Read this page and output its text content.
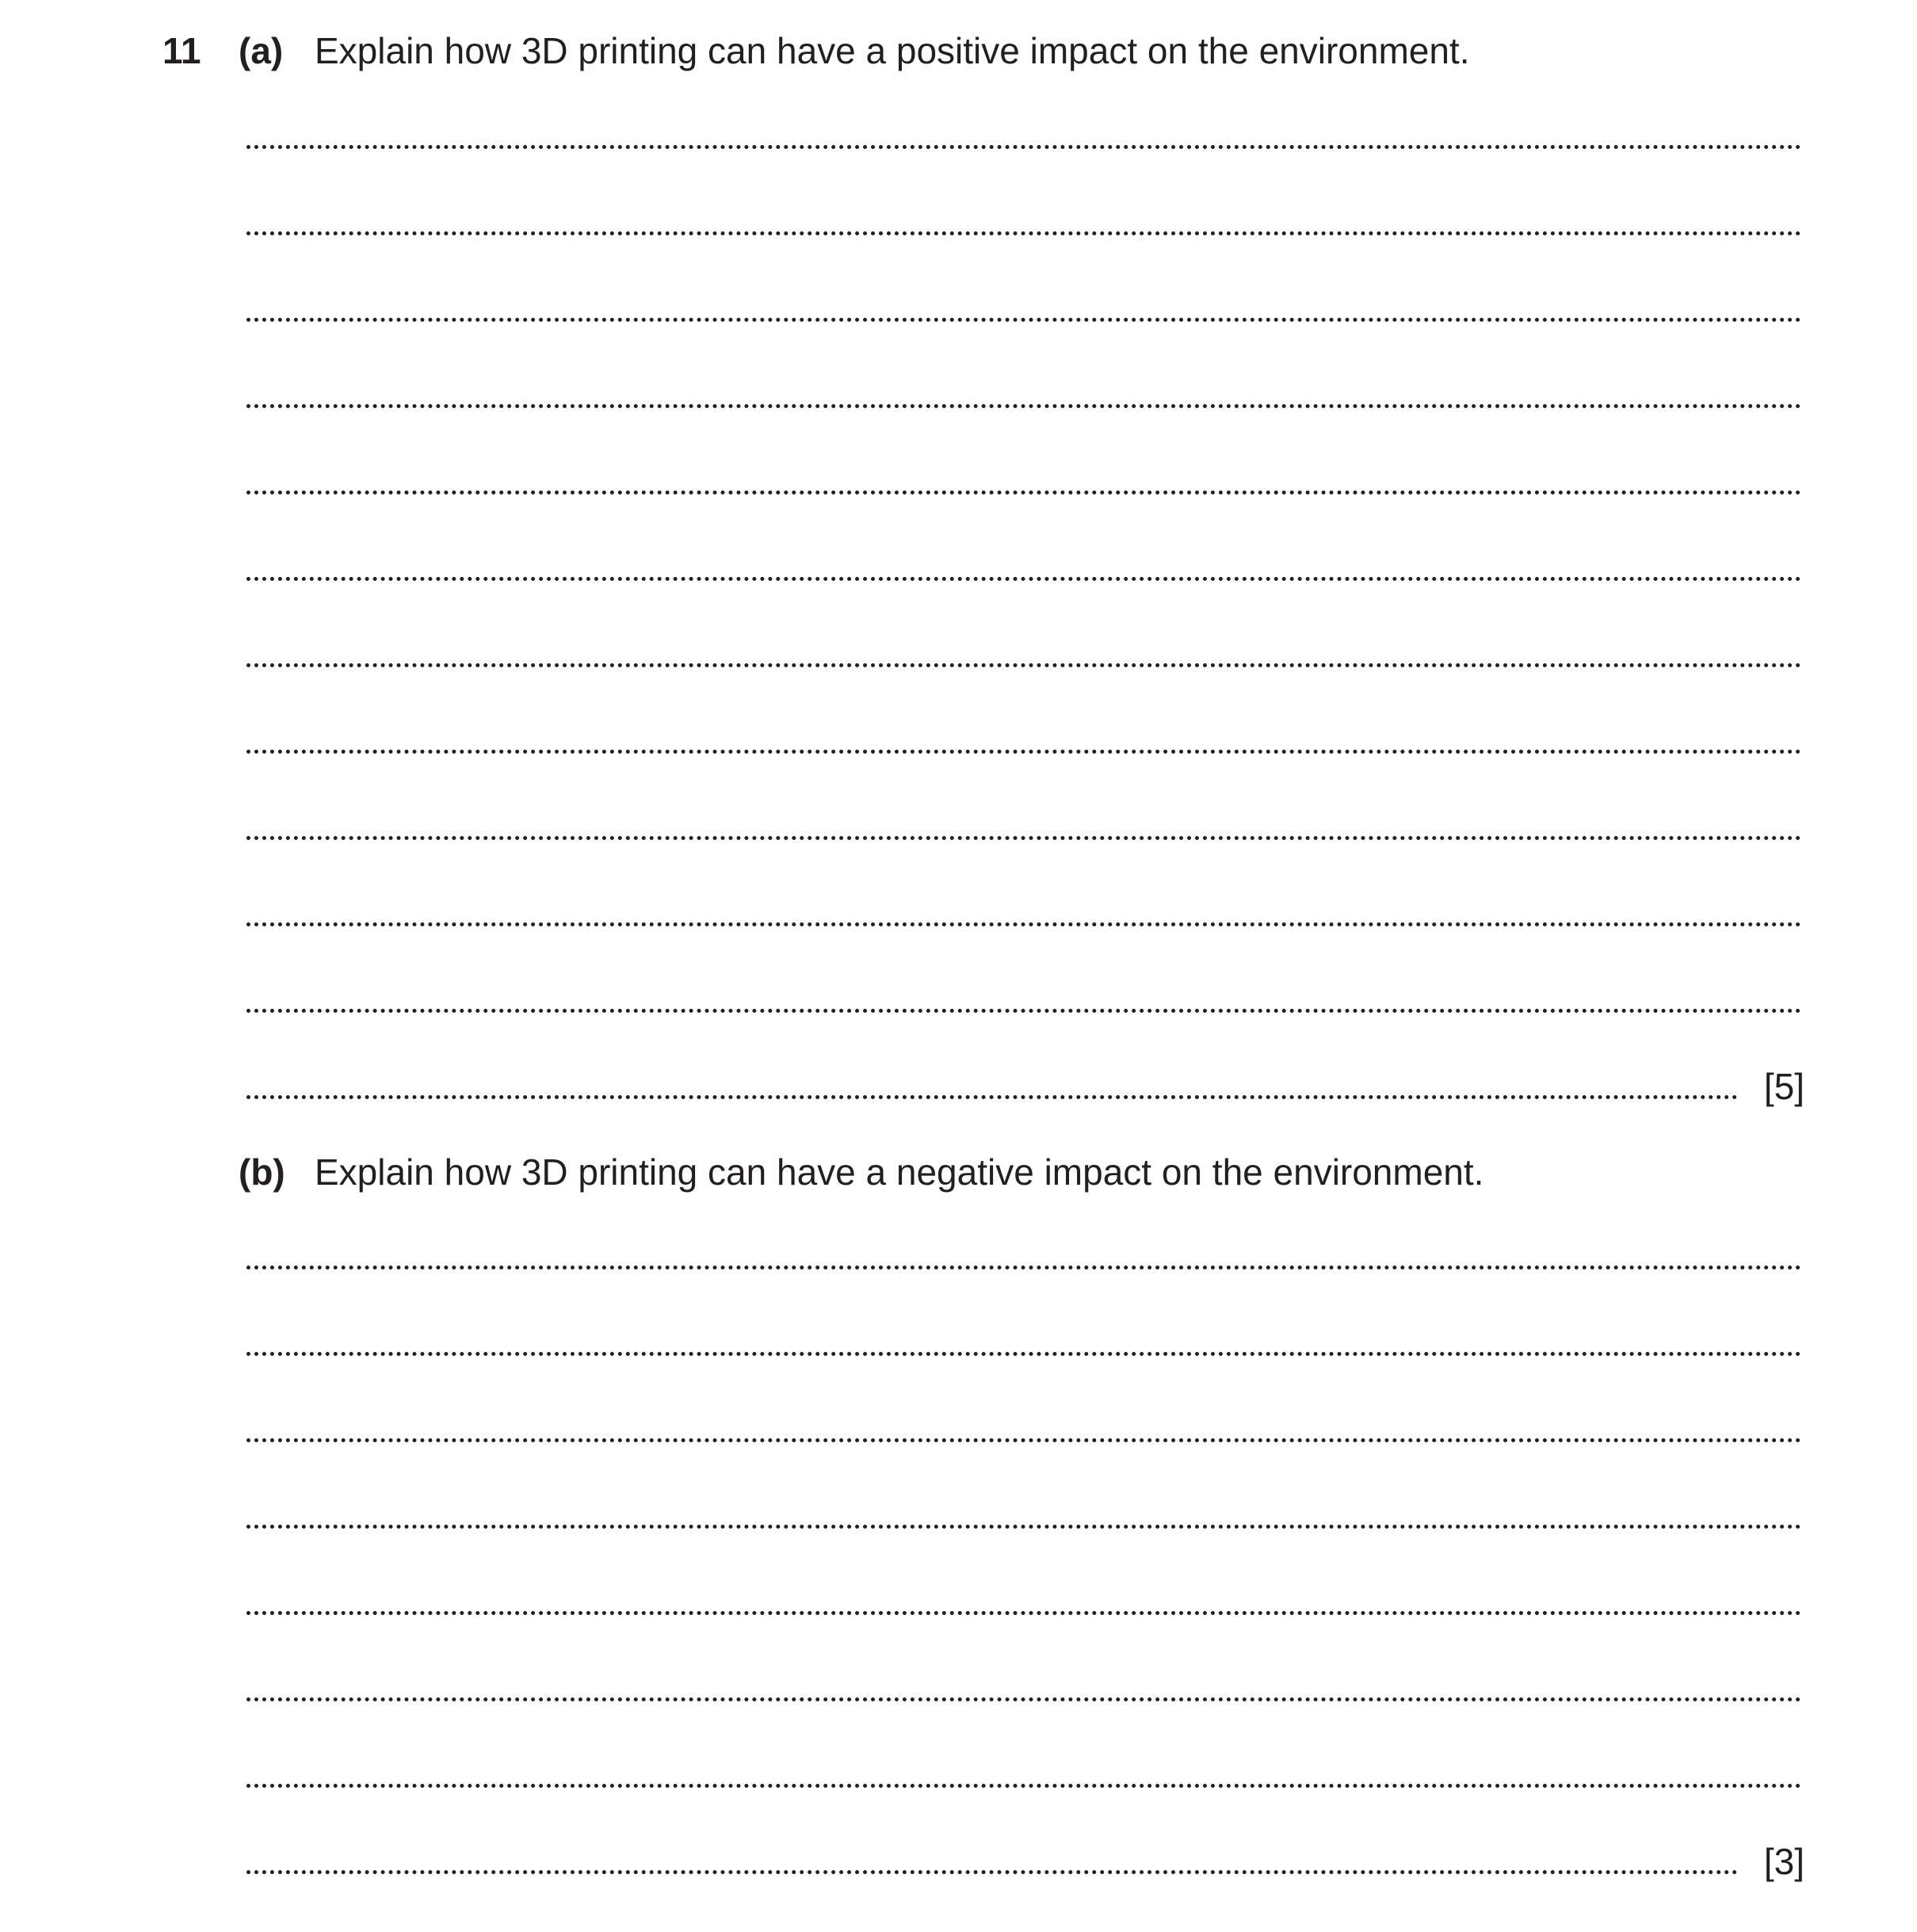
11 (a) Explain how 3D printing can have a positive impact on the environment.
[5]
(b) Explain how 3D printing can have a negative impact on the environment.
[3]
